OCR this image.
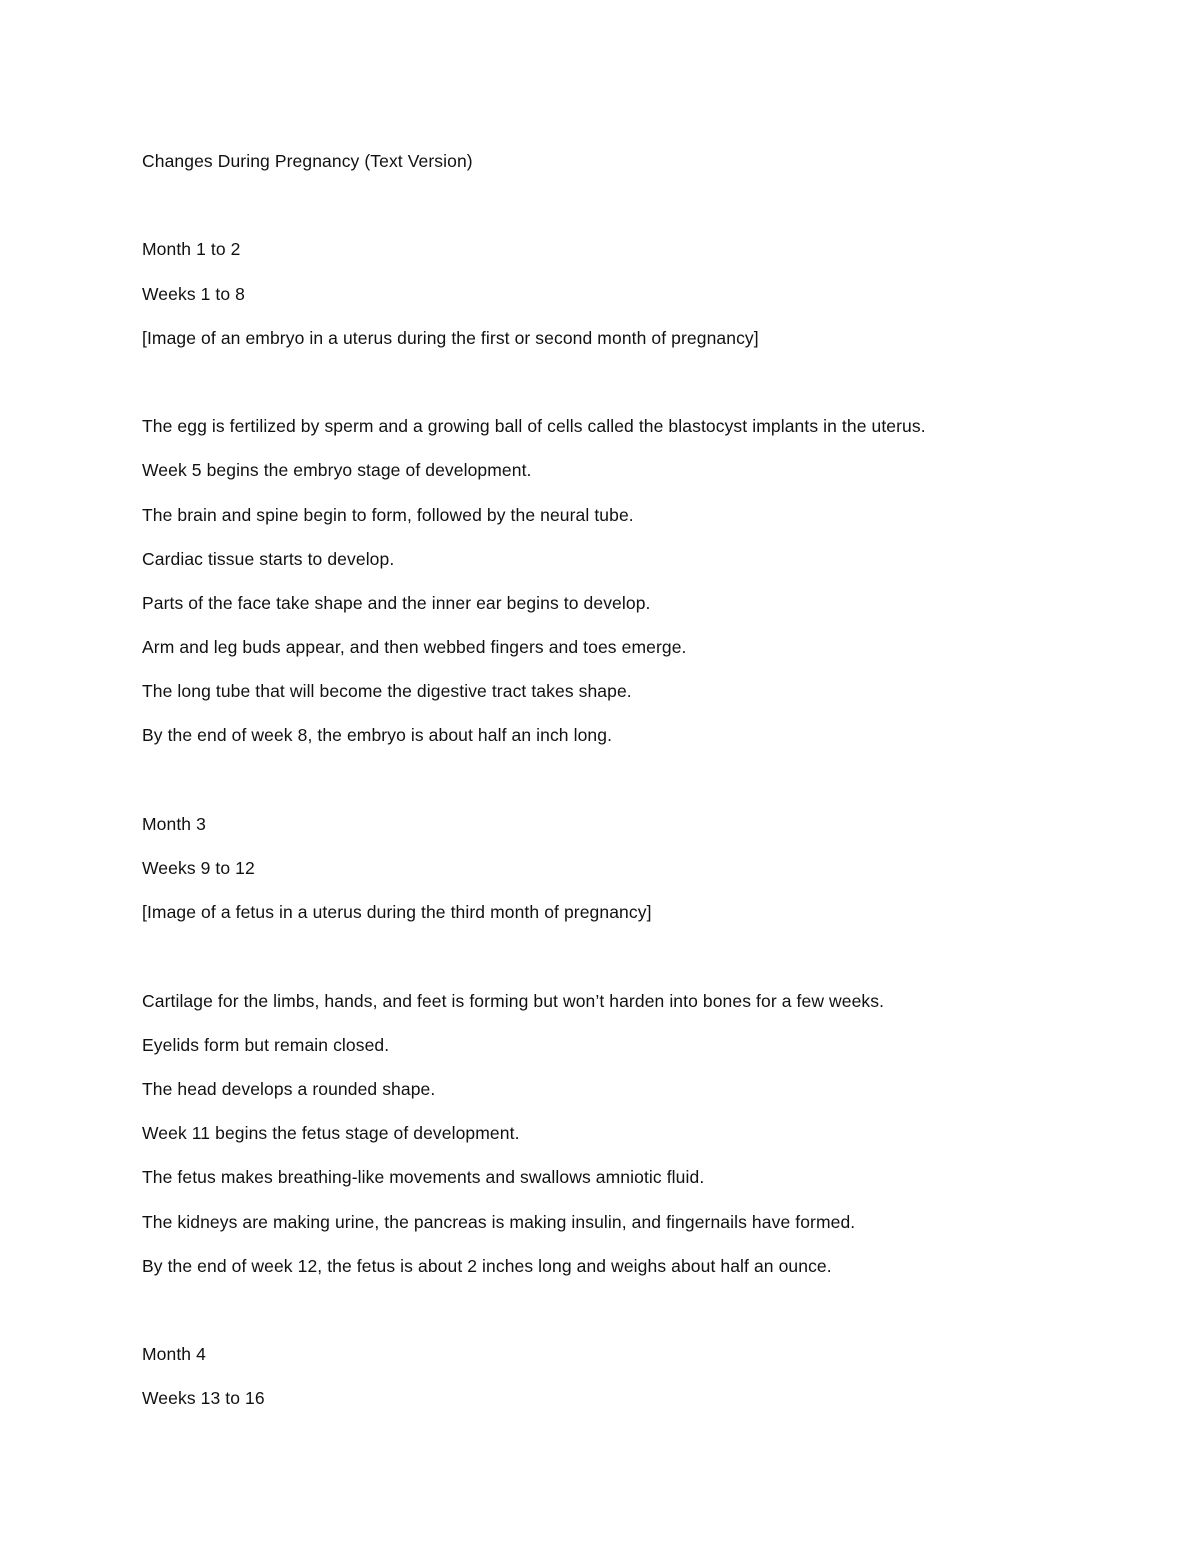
Changes During Pregnancy (Text Version)
Month 1 to 2
Weeks 1 to 8
[Image of an embryo in a uterus during the first or second month of pregnancy]
The egg is fertilized by sperm and a growing ball of cells called the blastocyst implants in the uterus.
Week 5 begins the embryo stage of development.
The brain and spine begin to form, followed by the neural tube.
Cardiac tissue starts to develop.
Parts of the face take shape and the inner ear begins to develop.
Arm and leg buds appear, and then webbed fingers and toes emerge.
The long tube that will become the digestive tract takes shape.
By the end of week 8, the embryo is about half an inch long.
Month 3
Weeks 9 to 12
[Image of a fetus in a uterus during the third month of pregnancy]
Cartilage for the limbs, hands, and feet is forming but won’t harden into bones for a few weeks.
Eyelids form but remain closed.
The head develops a rounded shape.
Week 11 begins the fetus stage of development.
The fetus makes breathing-like movements and swallows amniotic fluid.
The kidneys are making urine, the pancreas is making insulin, and fingernails have formed.
By the end of week 12, the fetus is about 2 inches long and weighs about half an ounce.
Month 4
Weeks 13 to 16
